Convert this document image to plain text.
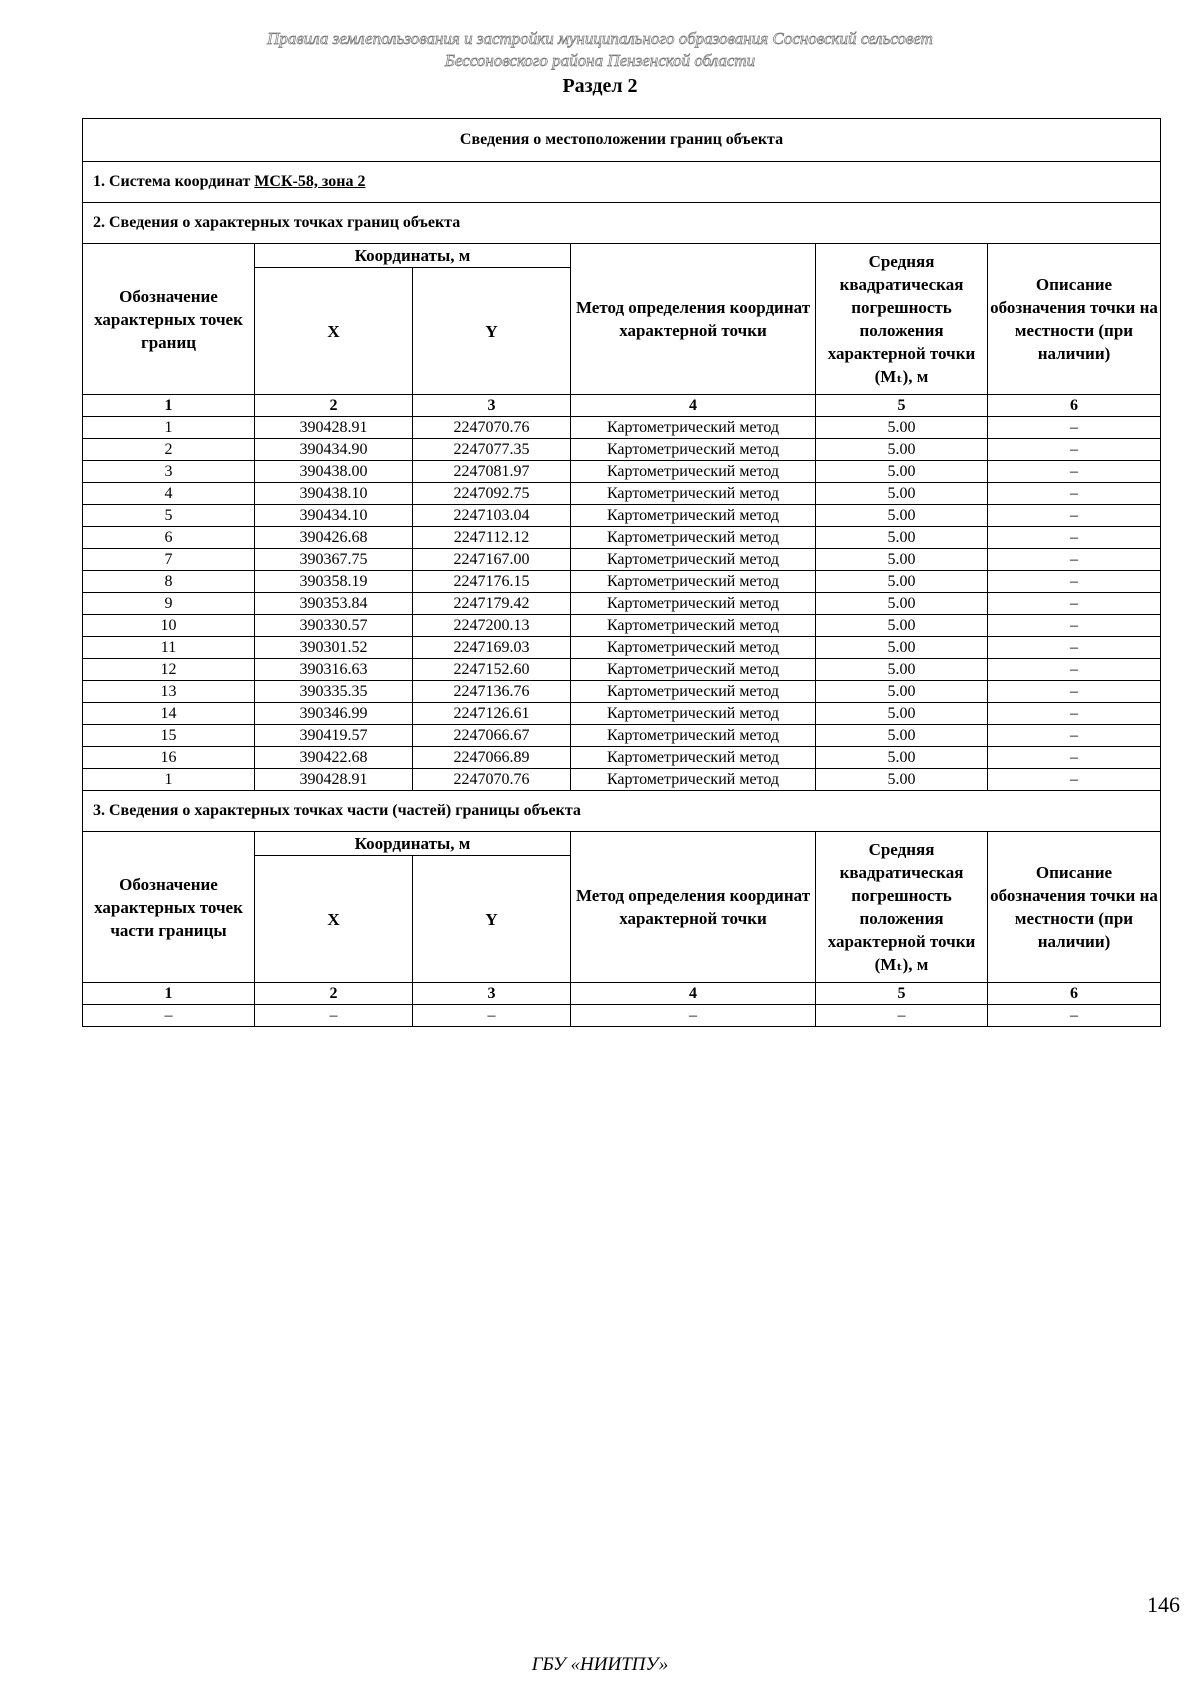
Правила землепользования и застройки муниципального образования Сосновский сельсовет
Бессоновского района Пензенской области
Раздел 2
Сведения о местоположении границ объекта					
1. Система координат МСК-58, зона 2					
2. Сведения о характерных точках границ объекта					
Обозначение характерных точек границ	Координаты, м		Метод определения координат характерной точки	Средняя квадратическая погрешность положения характерной точки (Mₜ), м	Описание обозначения точки на местности (при наличии)
	X	Y			
1	2	3	4	5	6
1	390428.91	2247070.76	Картометрический метод	5.00	–
2	390434.90	2247077.35	Картометрический метод	5.00	–
3	390438.00	2247081.97	Картометрический метод	5.00	–
4	390438.10	2247092.75	Картометрический метод	5.00	–
5	390434.10	2247103.04	Картометрический метод	5.00	–
6	390426.68	2247112.12	Картометрический метод	5.00	–
7	390367.75	2247167.00	Картометрический метод	5.00	–
8	390358.19	2247176.15	Картометрический метод	5.00	–
9	390353.84	2247179.42	Картометрический метод	5.00	–
10	390330.57	2247200.13	Картометрический метод	5.00	–
11	390301.52	2247169.03	Картометрический метод	5.00	–
12	390316.63	2247152.60	Картометрический метод	5.00	–
13	390335.35	2247136.76	Картометрический метод	5.00	–
14	390346.99	2247126.61	Картометрический метод	5.00	–
15	390419.57	2247066.67	Картометрический метод	5.00	–
16	390422.68	2247066.89	Картометрический метод	5.00	–
1	390428.91	2247070.76	Картометрический метод	5.00	–
3. Сведения о характерных точках части (частей) границы объекта					
Обозначение характерных точек части границы	Координаты, м		Метод определения координат характерной точки	Средняя квадратическая погрешность положения характерной точки (Mₜ), м	Описание обозначения точки на местности (при наличии)
	X	Y			
1	2	3	4	5	6
–	–	–	–	–	–
146
ГБУ «НИИТПУ»
